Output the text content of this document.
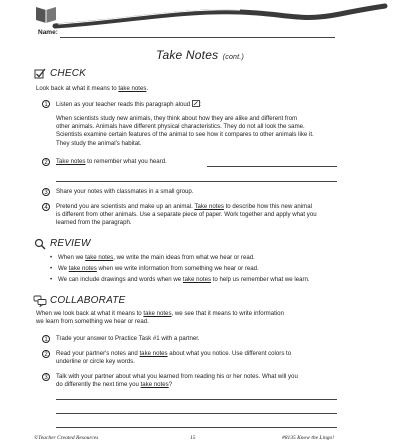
Name:
Take Notes (cont.)
CHECK
Look back at what it means to take notes.
1	Listen as your teacher reads this paragraph aloud :
When scientists study new animals, they think about how they are alike and different from
other animals. Animals have different physical characteristics. They do not all look the same.
Scientists examine certain features of the animal to see how it compares to other animals like it.
They study the animal's habitat.
2	Take notes to remember what you heard.
3	Share your notes with classmates in a small group.
4	Pretend you are scientists and make up an animal. Take notes to describe how this new animal
is different from other animals. Use a separate piece of paper. Work together and apply what you
learned from the paragraph.
REVIEW
• When we take notes, we write the main ideas from what we hear or read.
• We take notes when we write information from something we hear or read.
• We can include drawings and words when we take notes to help us remember what we learn.
COLLABORATE
When we look back at what it means to take notes, we see that it means to write information
we learn from something we hear or read.
1	Trade your answer to Practice Task #1 with a partner.
2	Read your partner's notes and take notes about what you notice. Use different colors to
underline or circle key words.
3	Talk with your partner about what you learned from reading his or her notes. What will you
do differently the next time you take notes?
©Teacher Created Resources	15	#8135 Know the Lingo!
